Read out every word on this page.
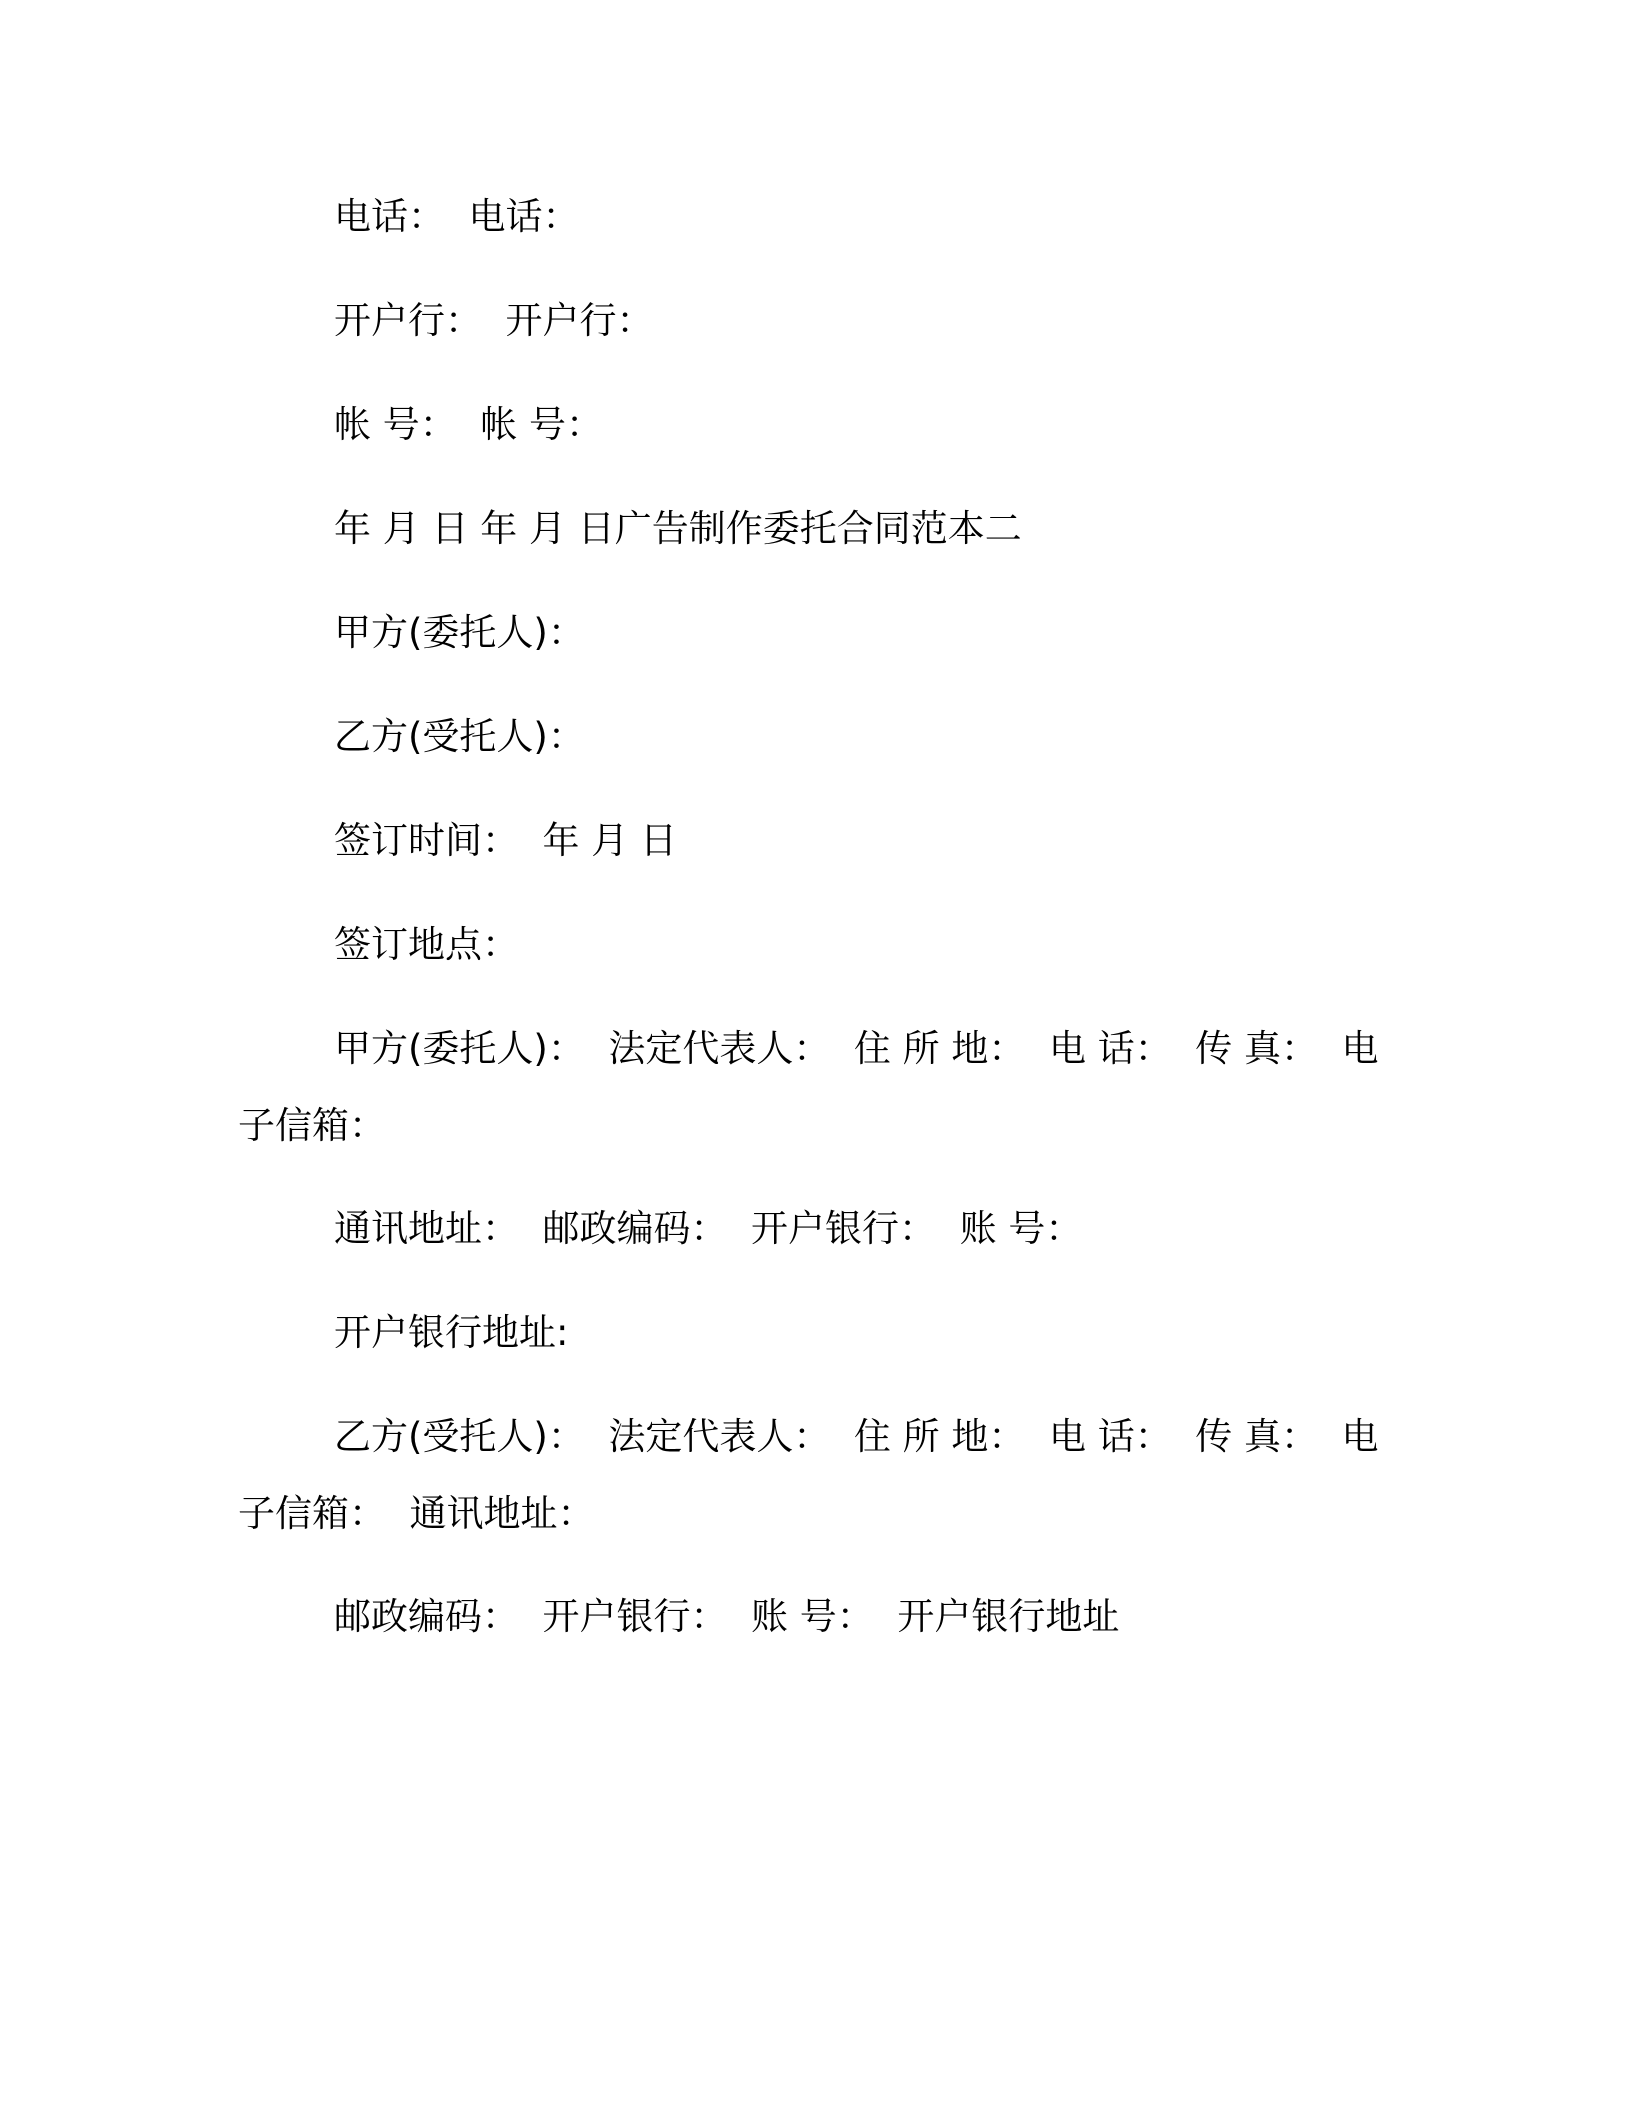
电话：  电话：

开户行：  开户行：

帐 号：  帐 号：

年 月 日 年 月 日广告制作委托合同范本二

甲方(委托人)：

乙方(受托人)：

签订时间：  年 月 日

签订地点：

甲方(委托人)：  法定代表人：  住 所 地：  电 话：  传 真：  电子信箱：

通讯地址：  邮政编码：  开户银行：  账 号：

开户银行地址:

乙方(受托人)：  法定代表人：  住 所 地：  电 话：  传 真：  电子信箱：  通讯地址：

邮政编码：  开户银行：  账 号：  开户银行地址
